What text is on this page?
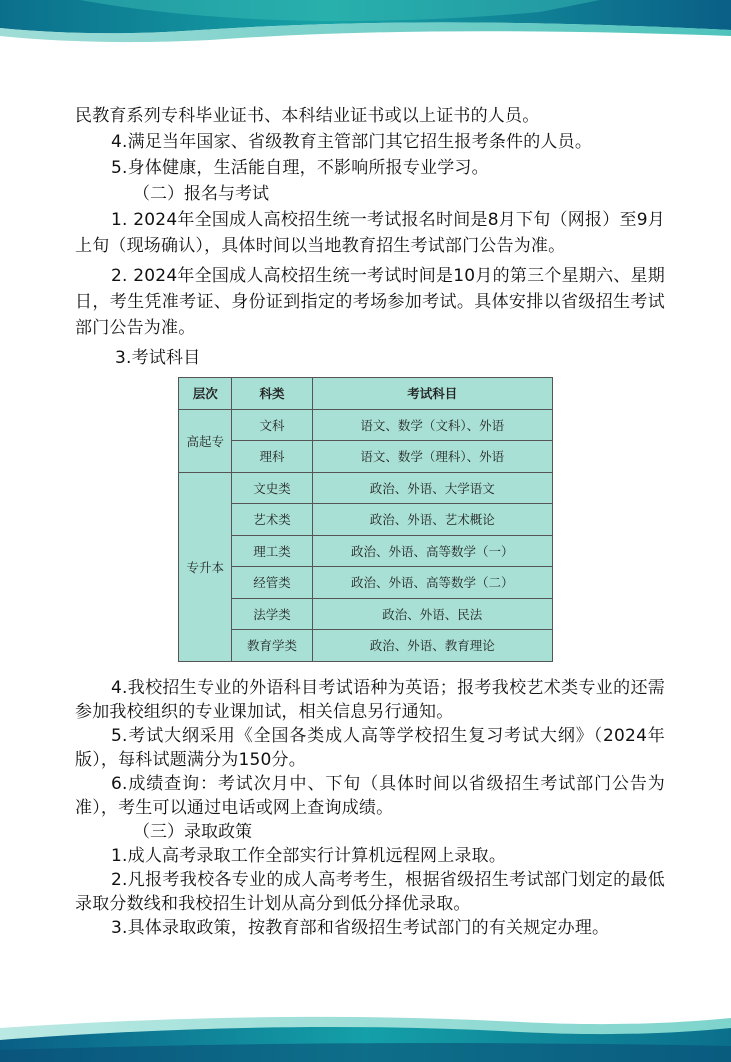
民教育系列专科毕业证书、本科结业证书或以上证书的人员。

4.满足当年国家、省级教育主管部门其它招生报考条件的人员。

5.身体健康，生活能自理，不影响所报专业学习。

（二）报名与考试

1. 2024年全国成人高校招生统一考试报名时间是8月下旬（网报）至9月上旬（现场确认），具体时间以当地教育招生考试部门公告为准。

2. 2024年全国成人高校招生统一考试时间是10月的第三个星期六、星期日，考生凭准考证、身份证到指定的考场参加考试。具体安排以省级招生考试部门公告为准。

3.考试科目

层次	科类	考试科目
高起专	文科	语文、数学（文科）、外语
	理科	语文、数学（理科）、外语
专升本	文史类	政治、外语、大学语文
	艺术类	政治、外语、艺术概论
	理工类	政治、外语、高等数学（一）
	经管类	政治、外语、高等数学（二）
	法学类	政治、外语、民法
	教育学类	政治、外语、教育理论

4.我校招生专业的外语科目考试语种为英语；报考我校艺术类专业的还需参加我校组织的专业课加试，相关信息另行通知。

5.考试大纲采用《全国各类成人高等学校招生复习考试大纲》（2024年版），每科试题满分为150分。

6.成绩查询：考试次月中、下旬（具体时间以省级招生考试部门公告为准），考生可以通过电话或网上查询成绩。

（三）录取政策

1.成人高考录取工作全部实行计算机远程网上录取。

2.凡报考我校各专业的成人高考考生，根据省级招生考试部门划定的最低录取分数线和我校招生计划从高分到低分择优录取。

3.具体录取政策，按教育部和省级招生考试部门的有关规定办理。
